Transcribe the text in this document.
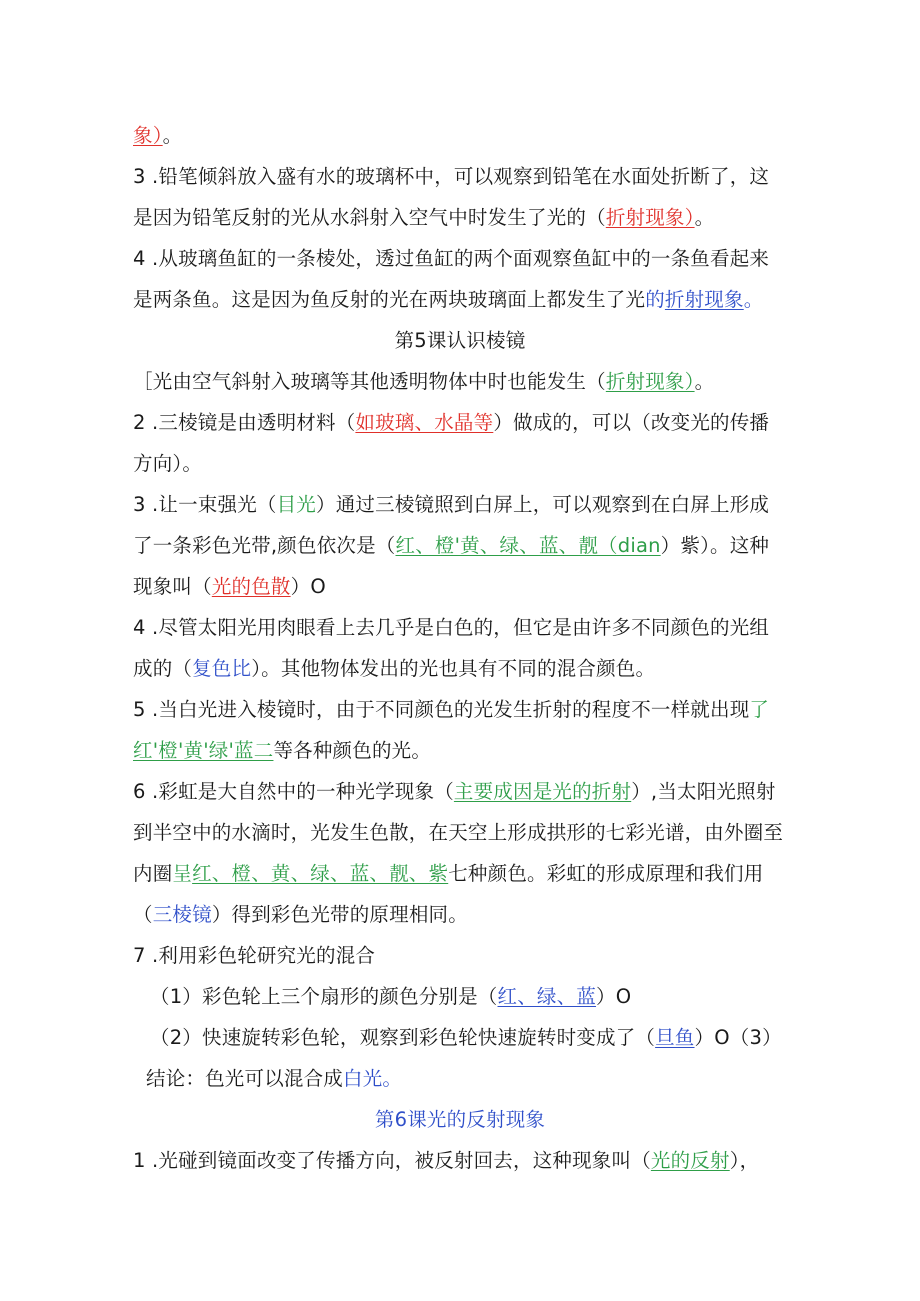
象）。
3 .铅笔倾斜放入盛有水的玻璃杯中，可以观察到铅笔在水面处折断了，这
是因为铅笔反射的光从水斜射入空气中时发生了光的（折射现象）。
4 .从玻璃鱼缸的一条棱处，透过鱼缸的两个面观察鱼缸中的一条鱼看起来
是两条鱼。这是因为鱼反射的光在两块玻璃面上都发生了光的折射现象。
第5课认识棱镜
［光由空气斜射入玻璃等其他透明物体中时也能发生（折射现象）。
2 .三棱镜是由透明材料（如玻璃、水晶等）做成的，可以（改变光的传播
方向）。
3 .让一束强光（目光）通过三棱镜照到白屏上，可以观察到在白屏上形成
了一条彩色光带,颜色依次是（红、橙'黄、绿、蓝、靓（dian）紫）。这种
现象叫（光的色散）O
4 .尽管太阳光用肉眼看上去几乎是白色的，但它是由许多不同颜色的光组
成的（复色比）。其他物体发出的光也具有不同的混合颜色。
5 .当白光进入棱镜时，由于不同颜色的光发生折射的程度不一样就出现了
红'橙'黄'绿'蓝二等各种颜色的光。
6 .彩虹是大自然中的一种光学现象（主要成因是光的折射）,当太阳光照射
到半空中的水滴时，光发生色散，在天空上形成拱形的七彩光谱，由外圈至
内圈呈红、橙、黄、绿、蓝、靓、紫七种颜色。彩虹的形成原理和我们用
（三棱镜）得到彩色光带的原理相同。
7 .利用彩色轮研究光的混合
（1）彩色轮上三个扇形的颜色分别是（红、绿、蓝）O
（2）快速旋转彩色轮，观察到彩色轮快速旋转时变成了（旦鱼）O（3）
结论：色光可以混合成白光。
第6课光的反射现象
1 .光碰到镜面改变了传播方向，被反射回去，这种现象叫（光的反射），
